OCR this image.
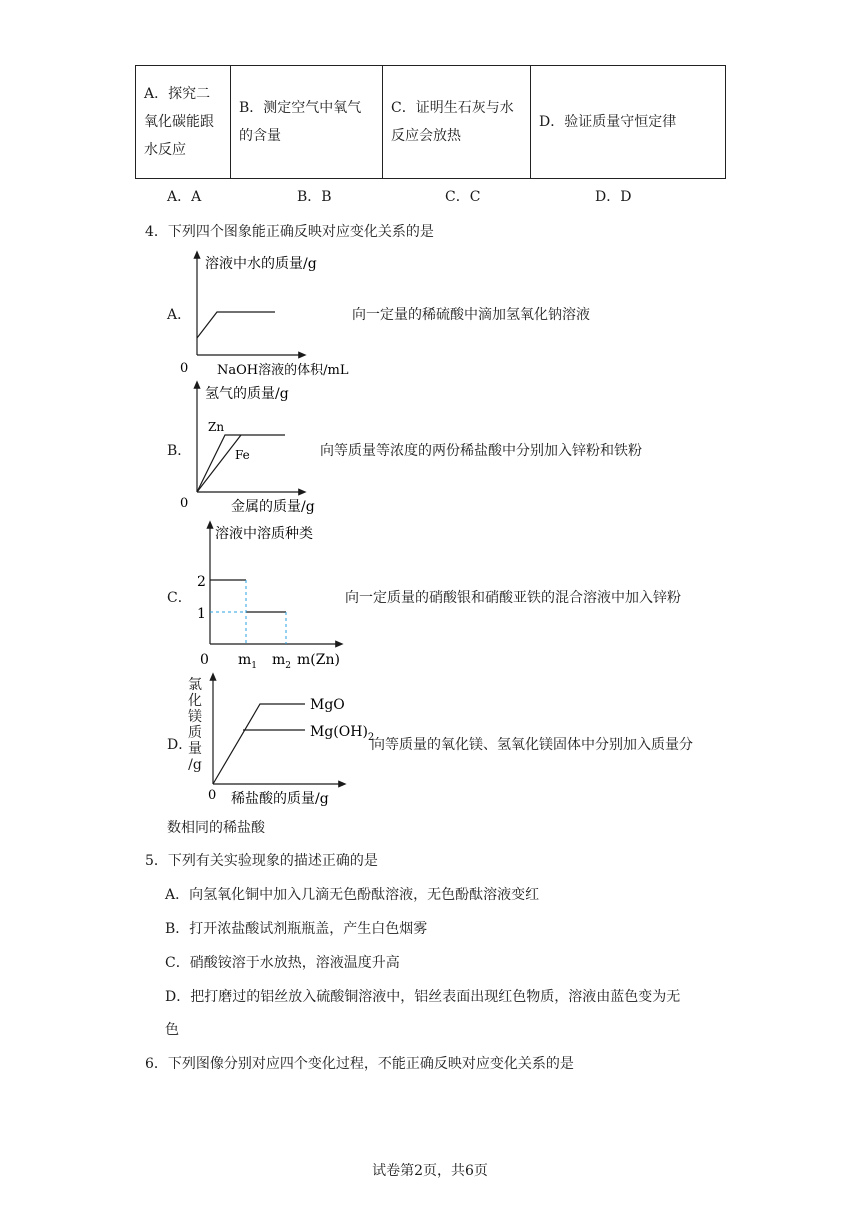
A．探究二氧化碳能跟水反应	B．测定空气中氧气的含量	C．证明生石灰与水反应会放热	D．验证质量守恒定律
A．A	B．B	C．C	D．D
4．下列四个图象能正确反映对应变化关系的是
A．
溶液中水的质量/g
0 NaOH溶液的体积/mL
向一定量的稀硫酸中滴加氢氧化钠溶液
B．
氢气的质量/g
Zn
Fe
0	金属的质量/g
向等质量等浓度的两份稀盐酸中分别加入锌粉和铁粉
C．
溶液中溶质种类
2
1
0 $m_1$ $m_2$ m(Zn)
向一定质量的硝酸银和硝酸亚铁的混合溶液中加入锌粉
D．
氯
化
镁
质
量
/g
MgO
$Mg(OH)_2$
0 稀盐酸的质量/g
向等质量的氧化镁、氢氧化镁固体中分别加入质量分
数相同的稀盐酸
5．下列有关实验现象的描述正确的是
A．向氢氧化铜中加入几滴无色酚酞溶液，无色酚酞溶液变红
B．打开浓盐酸试剂瓶瓶盖，产生白色烟雾
C．硝酸铵溶于水放热，溶液温度升高
D．把打磨过的铝丝放入硫酸铜溶液中，铝丝表面出现红色物质，溶液由蓝色变为无
色
6．下列图像分别对应四个变化过程，不能正确反映对应变化关系的是
试卷第2页，共6页
